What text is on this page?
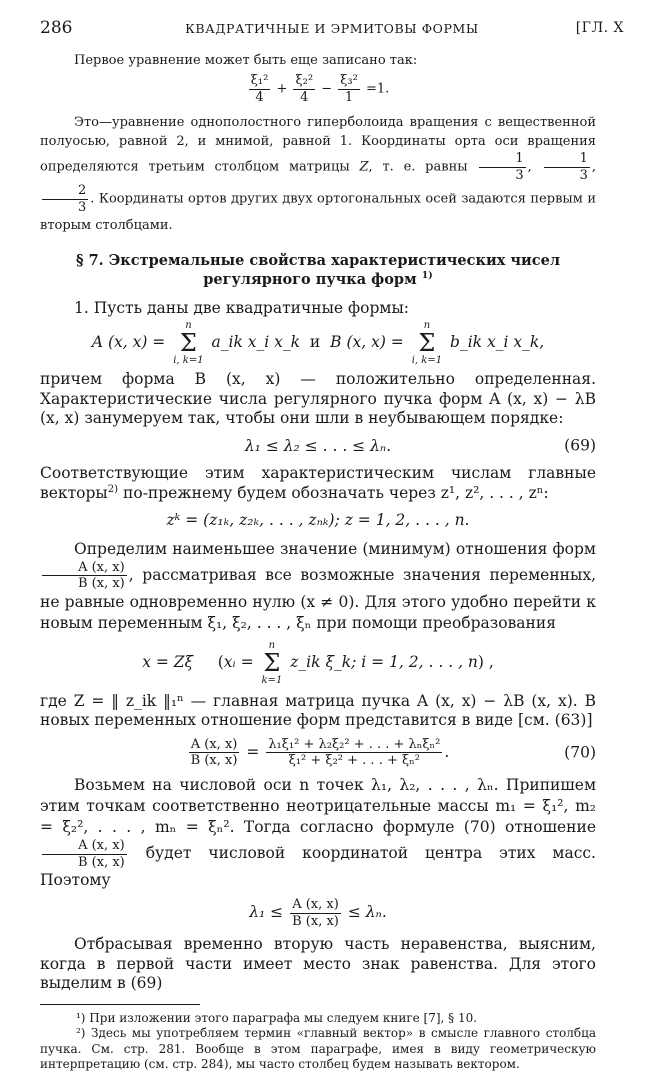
286	КВАДРАТИЧНЫЕ И ЭРМИТОВЫ ФОРМЫ	[ГЛ. X

Первое уравнение может быть еще записано так:

$\frac{\text{ξ₁²}}{4} + \frac{\text{ξ₂²}}{4} - \frac{\text{ξ₃²}}{1} =1$.

Это—уравнение однополостного гиперболоида вращения с вещественной полуосью, равной 2, и мнимой, равной 1. Координаты орта оси вращения определяются третьим столбцом матрицы Z, т. е. равны $\frac{1}{3}$ , $\frac{1}{3}$ ,
$\frac{2}{3}$ . Координаты ортов других двух ортогональных осей задаются первым и вторым столбцами.

§ 7. Экстремальные свойства характеристических чисел
регулярного пучка форм $^{1)}$

1. Пусть даны две квадратичные формы:

A (x, x) =
n
Σ
i, k=1
a_ik x_i x_k и B (x, x) =
n
Σ
i, k=1
b_ik x_i x_k,

причем форма B (x, x) — положительно определенная. Характеристические числа регулярного пучка форм A (x, x) − λB (x, x) занумеруем так, чтобы они шли в неубывающем порядке:

λ₁ ≤ λ₂ ≤ . . . ≤ λₙ.	(69)

Соответствующие этим характеристическим числам главные векторы$^{2)}$ по-прежнему будем обозначать через z¹, z², . . . , zⁿ:

zᵏ = (z₁ₖ, z₂ₖ, . . . , zₙₖ); z = 1, 2, . . . , n.

Определим наименьшее значение (минимум) отношения форм
$\frac{A (x, x)}{B (x, x)}$ , рассматривая все возможные значения переменных, не равные одновременно нулю (x ≠ 0). Для этого удобно перейти к новым переменным ξ₁, ξ₂, . . . , ξₙ при помощи преобразования

x = Zξ (xᵢ =
n
Σ
k=1
z_ik ξ_k; i = 1, 2, . . . , n) ,

где Z = ‖ z_ik ‖₁ⁿ — главная матрица пучка A (x, x) − λB (x, x). В новых переменных отношение форм представится в виде [см. (63)]

$\frac{A (x, x)}{B (x, x)} = \frac{\text{λ₁ξ₁² + λ₂ξ₂² + . . . + λₙξₙ²}}{\text{ξ₁² + ξ₂² + . . . + ξₙ²}}$ .	(70)

Возьмем на числовой оси n точек λ₁, λ₂, . . . , λₙ. Припишем этим точкам соответственно неотрицательные массы m₁ = ξ₁², m₂ = ξ₂², . . . , mₙ = ξₙ². Тогда согласно формуле (70) отношение
$\frac{A (x, x)}{B (x, x)}$ будет числовой координатой центра этих масс. Поэтому

$\lambda_1 \le \frac{A (x, x)}{B (x, x)} \le \lambda_n$.

Отбрасывая временно вторую часть неравенства, выясним, когда в первой части имеет место знак равенства. Для этого выделим в (69)

¹) При изложении этого параграфа мы следуем книге [7], § 10.

²) Здесь мы употребляем термин «главный вектор» в смысле главного столбца пучка. См. стр. 281. Вообще в этом параграфе, имея в виду геометрическую интерпретацию (см. стр. 284), мы часто столбец будем называть вектором.
